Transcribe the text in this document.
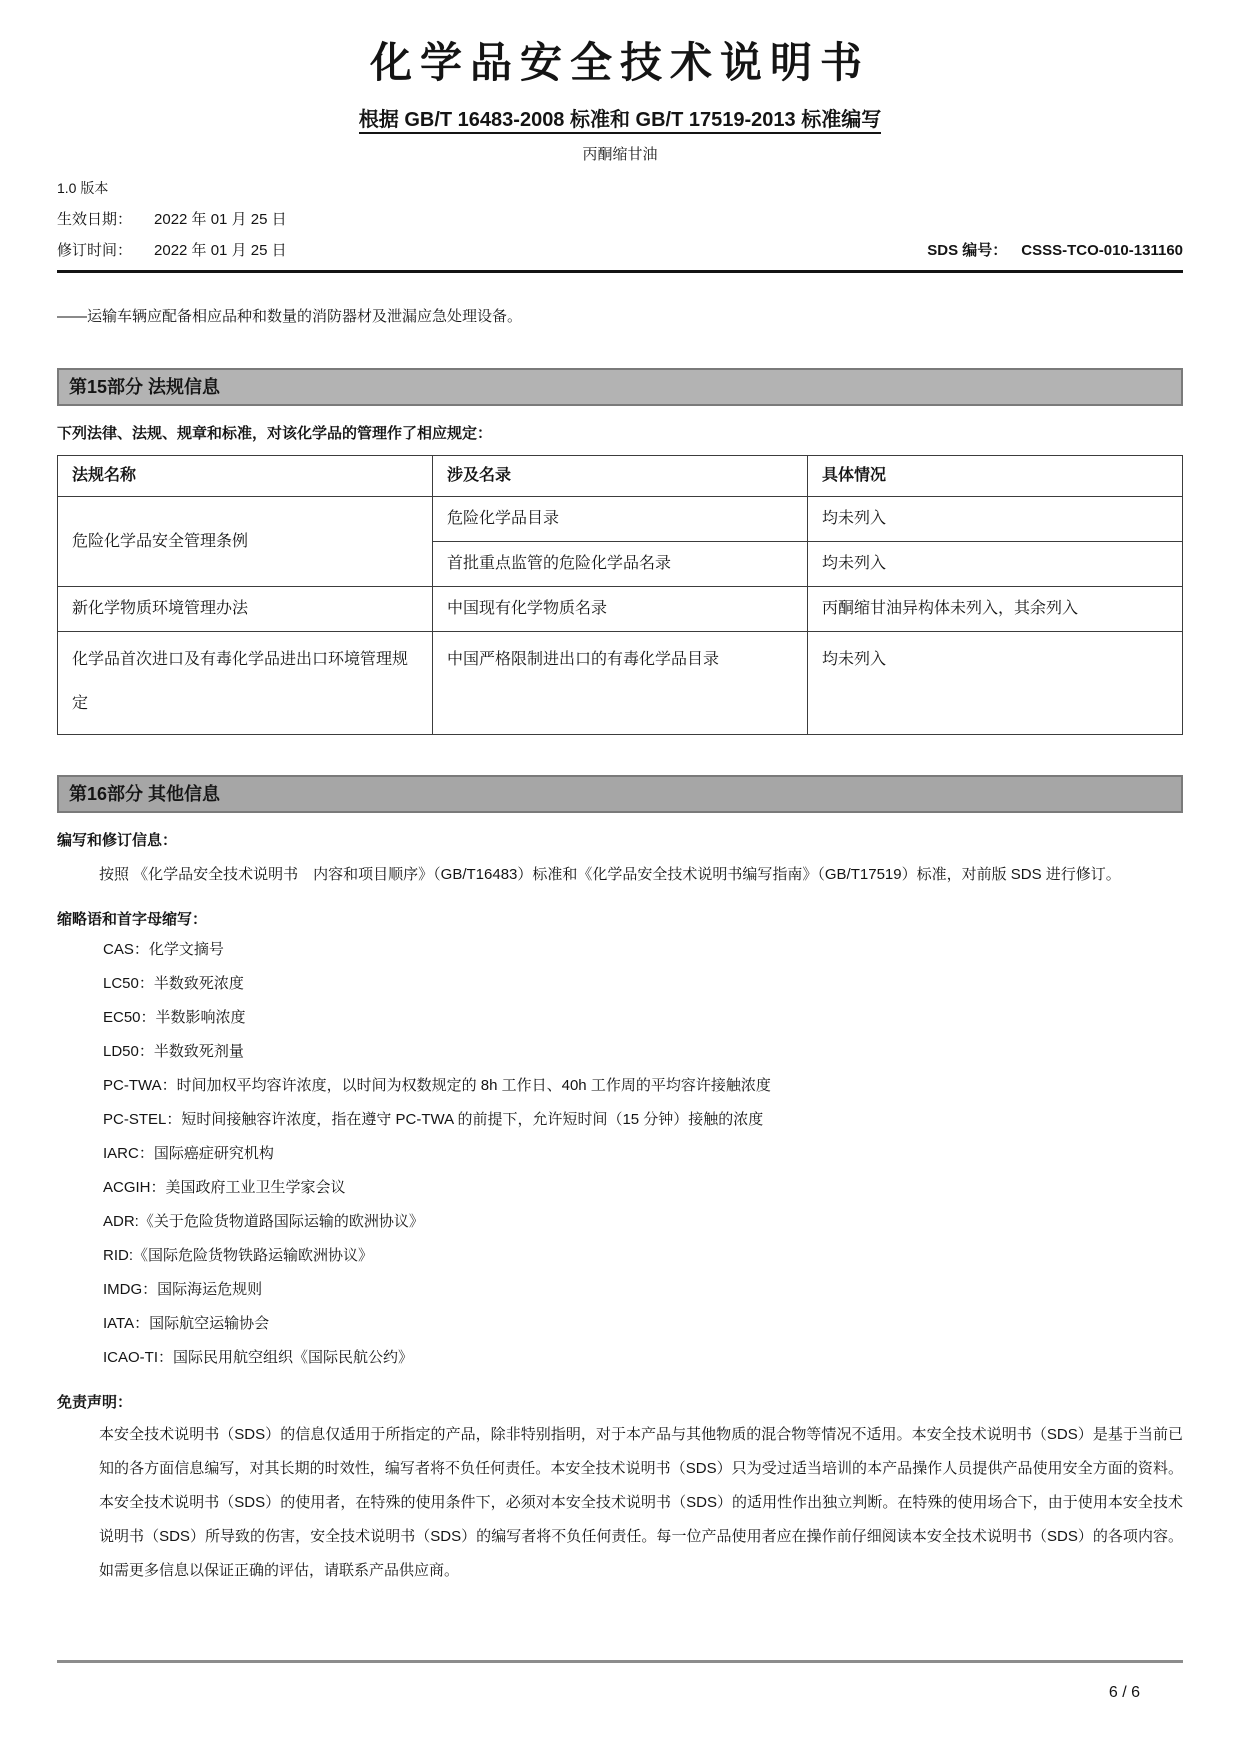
化学品安全技术说明书
根据 GB/T 16483-2008 标准和 GB/T 17519-2013 标准编写
丙酮缩甘油
1.0 版本
生效日期： 2022 年 01 月 25 日
修订时间： 2022 年 01 月 25 日	SDS 编号： CSSS-TCO-010-131160
——运输车辆应配备相应品种和数量的消防器材及泄漏应急处理设备。
第15部分 法规信息
下列法律、法规、规章和标准，对该化学品的管理作了相应规定：
法规名称	涉及名录	具体情况
危险化学品安全管理条例	危险化学品目录	均未列入
	首批重点监管的危险化学品名录	均未列入
新化学物质环境管理办法	中国现有化学物质名录	丙酮缩甘油异构体未列入，其余列入
化学品首次进口及有毒化学品进出口环境管理规定	中国严格限制进出口的有毒化学品目录	均未列入
第16部分 其他信息
编写和修订信息：
按照 《化学品安全技术说明书　内容和项目顺序》（GB/T16483）标准和《化学品安全技术说明书编写指南》（GB/T17519）标准，对前版 SDS 进行修订。
缩略语和首字母缩写：
CAS：化学文摘号
LC50：半数致死浓度
EC50：半数影响浓度
LD50：半数致死剂量
PC-TWA：时间加权平均容许浓度，以时间为权数规定的 8h 工作日、40h 工作周的平均容许接触浓度
PC-STEL：短时间接触容许浓度，指在遵守 PC-TWA 的前提下，允许短时间（15 分钟）接触的浓度
IARC：国际癌症研究机构
ACGIH：美国政府工业卫生学家会议
ADR:《关于危险货物道路国际运输的欧洲协议》
RID:《国际危险货物铁路运输欧洲协议》
IMDG：国际海运危规则
IATA：国际航空运输协会
ICAO-TI：国际民用航空组织《国际民航公约》
免责声明：
本安全技术说明书（SDS）的信息仅适用于所指定的产品，除非特别指明，对于本产品与其他物质的混合物等情况不适用。本安全技术说明书（SDS）是基于当前已知的各方面信息编写，对其长期的时效性，编写者将不负任何责任。本安全技术说明书（SDS）只为受过适当培训的本产品操作人员提供产品使用安全方面的资料。本安全技术说明书（SDS）的使用者，在特殊的使用条件下，必须对本安全技术说明书（SDS）的适用性作出独立判断。在特殊的使用场合下，由于使用本安全技术说明书（SDS）所导致的伤害，安全技术说明书（SDS）的编写者将不负任何责任。每一位产品使用者应在操作前仔细阅读本安全技术说明书（SDS）的各项内容。如需更多信息以保证正确的评估，请联系产品供应商。
6 / 6
